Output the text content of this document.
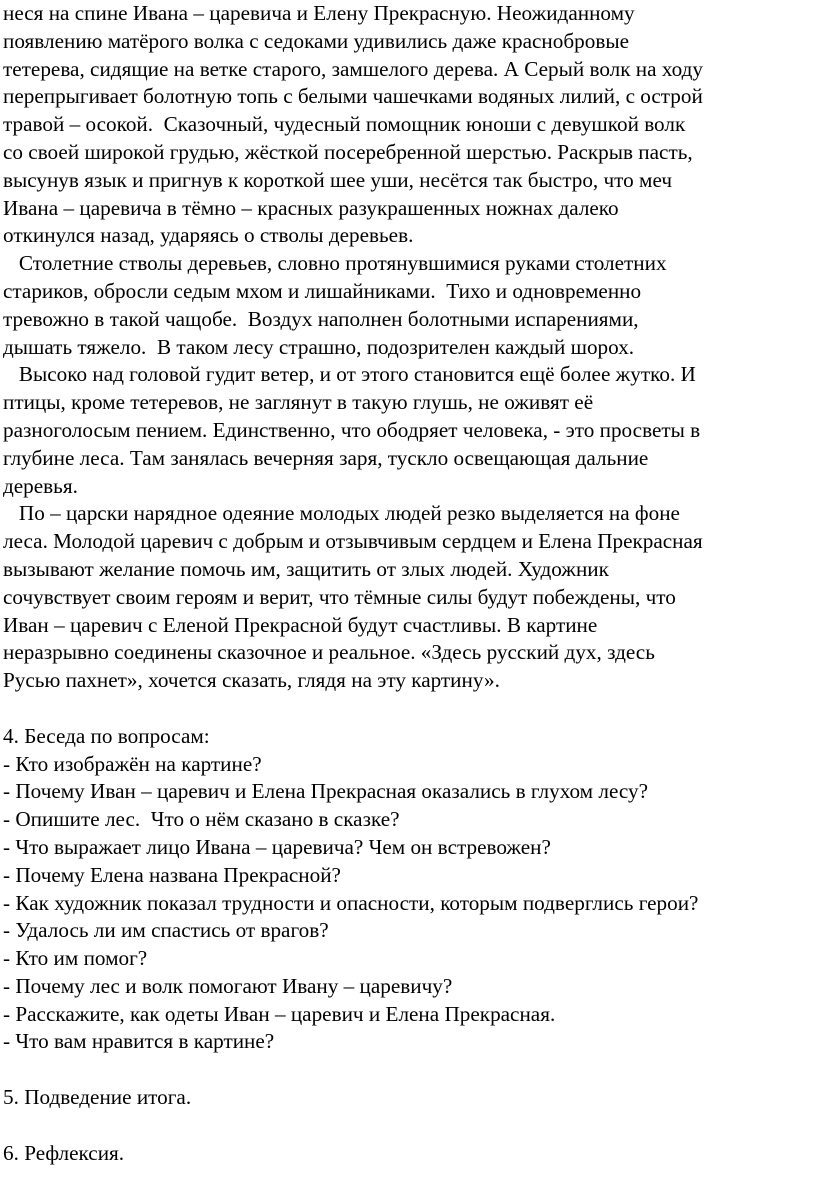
неся на спине Ивана – царевича и Елену Прекрасную. Неожиданному
появлению матёрого волка с седоками удивились даже краснобровые
тетерева, сидящие на ветке старого, замшелого дерева. А Серый волк на ходу
перепрыгивает болотную топь с белыми чашечками водяных лилий, с острой
травой – осокой.  Сказочный, чудесный помощник юноши с девушкой волк
со своей широкой грудью, жёсткой посеребренной шерстью. Раскрыв пасть,
высунув язык и пригнув к короткой шее уши, несётся так быстро, что меч
Ивана – царевича в тёмно – красных разукрашенных ножнах далеко
откинулся назад, ударяясь о стволы деревьев.
Столетние стволы деревьев, словно протянувшимися руками столетних
стариков, обросли седым мхом и лишайниками.  Тихо и одновременно
тревожно в такой чащобе.  Воздух наполнен болотными испарениями,
дышать тяжело.  В таком лесу страшно, подозрителен каждый шорох.
Высоко над головой гудит ветер, и от этого становится ещё более жутко. И
птицы, кроме тетеревов, не заглянут в такую глушь, не оживят её
разноголосым пением. Единственно, что ободряет человека, - это просветы в
глубине леса. Там занялась вечерняя заря, тускло освещающая дальние
деревья.
По – царски нарядное одеяние молодых людей резко выделяется на фоне
леса. Молодой царевич с добрым и отзывчивым сердцем и Елена Прекрасная
вызывают желание помочь им, защитить от злых людей. Художник
сочувствует своим героям и верит, что тёмные силы будут побеждены, что
Иван – царевич с Еленой Прекрасной будут счастливы. В картине
неразрывно соединены сказочное и реальное. «Здесь русский дух, здесь
Русью пахнет», хочется сказать, глядя на эту картину».
4. Беседа по вопросам:
- Кто изображён на картине?
- Почему Иван – царевич и Елена Прекрасная оказались в глухом лесу?
- Опишите лес.  Что о нём сказано в сказке?
- Что выражает лицо Ивана – царевича? Чем он встревожен?
- Почему Елена названа Прекрасной?
- Как художник показал трудности и опасности, которым подверглись герои?
- Удалось ли им спастись от врагов?
- Кто им помог?
- Почему лес и волк помогают Ивану – царевичу?
- Расскажите, как одеты Иван – царевич и Елена Прекрасная.
- Что вам нравится в картине?
5. Подведение итога.
6. Рефлексия.
